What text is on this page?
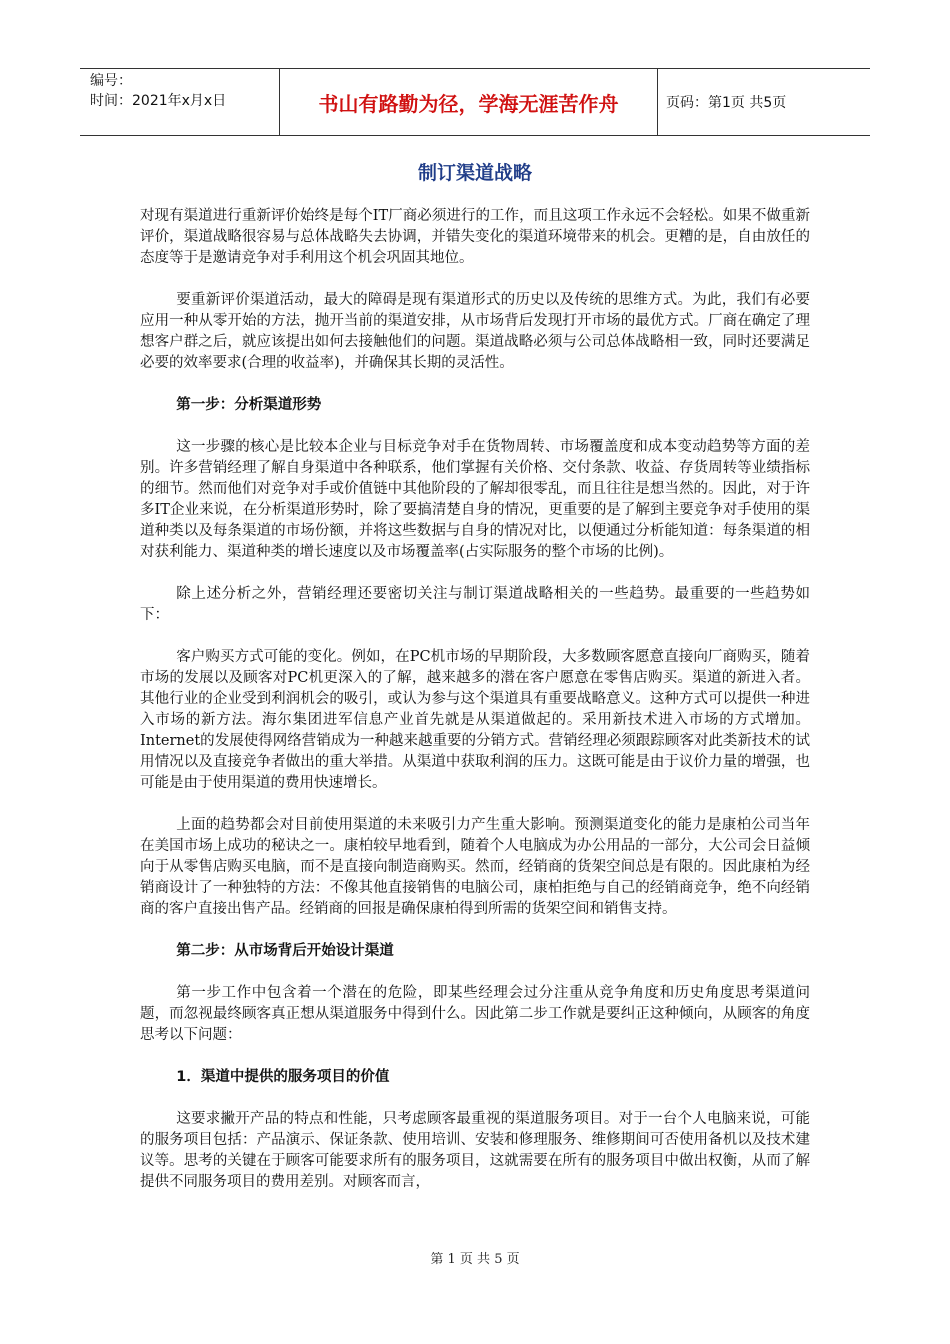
编号：
时间：2021年x月x日	书山有路勤为径，学海无涯苦作舟	页码：第1页 共5页
制订渠道战略

对现有渠道进行重新评价始终是每个IT厂商必须进行的工作，而且这项工作永远不会轻松。如果不做重新评价，渠道战略很容易与总体战略失去协调，并错失变化的渠道环境带来的机会。更糟的是，自由放任的态度等于是邀请竞争对手利用这个机会巩固其地位。

要重新评价渠道活动，最大的障碍是现有渠道形式的历史以及传统的思维方式。为此，我们有必要应用一种从零开始的方法，抛开当前的渠道安排，从市场背后发现打开市场的最优方式。厂商在确定了理想客户群之后，就应该提出如何去接触他们的问题。渠道战略必须与公司总体战略相一致，同时还要满足必要的效率要求(合理的收益率)，并确保其长期的灵活性。

第一步：分析渠道形势

这一步骤的核心是比较本企业与目标竞争对手在货物周转、市场覆盖度和成本变动趋势等方面的差别。许多营销经理了解自身渠道中各种联系，他们掌握有关价格、交付条款、收益、存货周转等业绩指标的细节。然而他们对竞争对手或价值链中其他阶段的了解却很零乱，而且往往是想当然的。因此，对于许多IT企业来说，在分析渠道形势时，除了要搞清楚自身的情况，更重要的是了解到主要竞争对手使用的渠道种类以及每条渠道的市场份额，并将这些数据与自身的情况对比，以便通过分析能知道：每条渠道的相对获利能力、渠道种类的增长速度以及市场覆盖率(占实际服务的整个市场的比例)。

除上述分析之外，营销经理还要密切关注与制订渠道战略相关的一些趋势。最重要的一些趋势如下：

客户购买方式可能的变化。例如，在PC机市场的早期阶段，大多数顾客愿意直接向厂商购买，随着市场的发展以及顾客对PC机更深入的了解，越来越多的潜在客户愿意在零售店购买。渠道的新进入者。其他行业的企业受到利润机会的吸引，或认为参与这个渠道具有重要战略意义。这种方式可以提供一种进入市场的新方法。海尔集团进军信息产业首先就是从渠道做起的。采用新技术进入市场的方式增加。Internet的发展使得网络营销成为一种越来越重要的分销方式。营销经理必须跟踪顾客对此类新技术的试用情况以及直接竞争者做出的重大举措。从渠道中获取利润的压力。这既可能是由于议价力量的增强，也可能是由于使用渠道的费用快速增长。

上面的趋势都会对目前使用渠道的未来吸引力产生重大影响。预测渠道变化的能力是康柏公司当年在美国市场上成功的秘诀之一。康柏较早地看到，随着个人电脑成为办公用品的一部分，大公司会日益倾向于从零售店购买电脑，而不是直接向制造商购买。然而，经销商的货架空间总是有限的。因此康柏为经销商设计了一种独特的方法：不像其他直接销售的电脑公司，康柏拒绝与自己的经销商竞争，绝不向经销商的客户直接出售产品。经销商的回报是确保康柏得到所需的货架空间和销售支持。

第二步：从市场背后开始设计渠道

第一步工作中包含着一个潜在的危险，即某些经理会过分注重从竞争角度和历史角度思考渠道问题，而忽视最终顾客真正想从渠道服务中得到什么。因此第二步工作就是要纠正这种倾向，从顾客的角度思考以下问题：

1．渠道中提供的服务项目的价值

这要求撇开产品的特点和性能，只考虑顾客最重视的渠道服务项目。对于一台个人电脑来说，可能的服务项目包括：产品演示、保证条款、使用培训、安装和修理服务、维修期间可否使用备机以及技术建议等。思考的关键在于顾客可能要求所有的服务项目，这就需要在所有的服务项目中做出权衡，从而了解提供不同服务项目的费用差别。对顾客而言，

第 1 页 共 5 页
